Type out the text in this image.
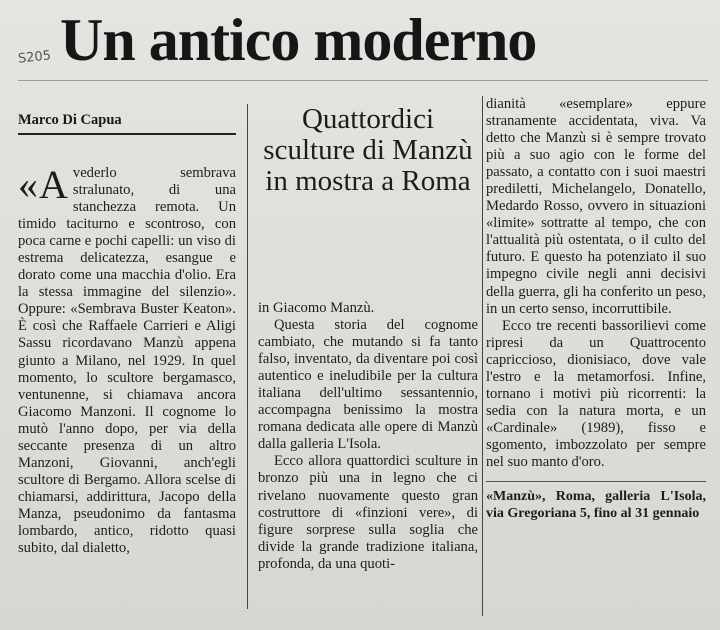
S205 Un antico moderno
Marco Di Capua	Quattordici sculture di Manzù in mostra a Roma

«Avederlo sembrava stralunato, di una stanchezza remota. Un timido taciturno e scontroso, con poca carne e pochi capelli: un viso di estrema delicatezza, esangue e dorato come una macchia d'olio. Era la stessa immagine del silenzio». Oppure: «Sembrava Buster Keaton». È così che Raffaele Carrieri e Aligi Sassu ricordavano Manzù appena giunto a Milano, nel 1929. In quel momento, lo scultore bergamasco, ventunenne, si chiamava ancora Giacomo Manzoni. Il cognome lo mutò l'anno dopo, per via della seccante presenza di un altro Manzoni, Giovanni, anch'egli scultore di Bergamo. Allora scelse di chiamarsi, addirittura, Jacopo della Manza, pseudonimo da fantasma lombardo, antico, ridotto quasi subito, dal dialetto,

in Giacomo Manzù.

Questa storia del cognome cambiato, che mutando si fa tanto falso, inventato, da diventare poi così autentico e ineludibile per la cultura italiana dell'ultimo sessantennio, accompagna benissimo la mostra romana dedicata alle opere di Manzù dalla galleria L'Isola.

Ecco allora quattordici sculture in bronzo più una in legno che ci rivelano nuovamente questo gran costruttore di «finzioni vere», di figure sorprese sulla soglia che divide la grande tradizione italiana, profonda, da una quoti-

dianità «esemplare» eppure stranamente accidentata, viva. Va detto che Manzù si è sempre trovato più a suo agio con le forme del passato, a contatto con i suoi maestri prediletti, Michelangelo, Donatello, Medardo Rosso, ovvero in situazioni «limite» sottratte al tempo, che con l'attualità più ostentata, o il culto del futuro. E questo ha potenziato il suo impegno civile negli anni decisivi della guerra, gli ha conferito un peso, in un certo senso, incorruttibile.

Ecco tre recenti bassorilievi come ripresi da un Quattrocento capriccioso, dionisiaco, dove vale l'estro e la metamorfosi. Infine, tornano i motivi più ricorrenti: la sedia con la natura morta, e un «Cardinale» (1989), fisso e sgomento, imbozzolato per sempre nel suo manto d'oro.

«Manzù», Roma, galleria L'Isola, via Gregoriana 5, fino al 31 gennaio
